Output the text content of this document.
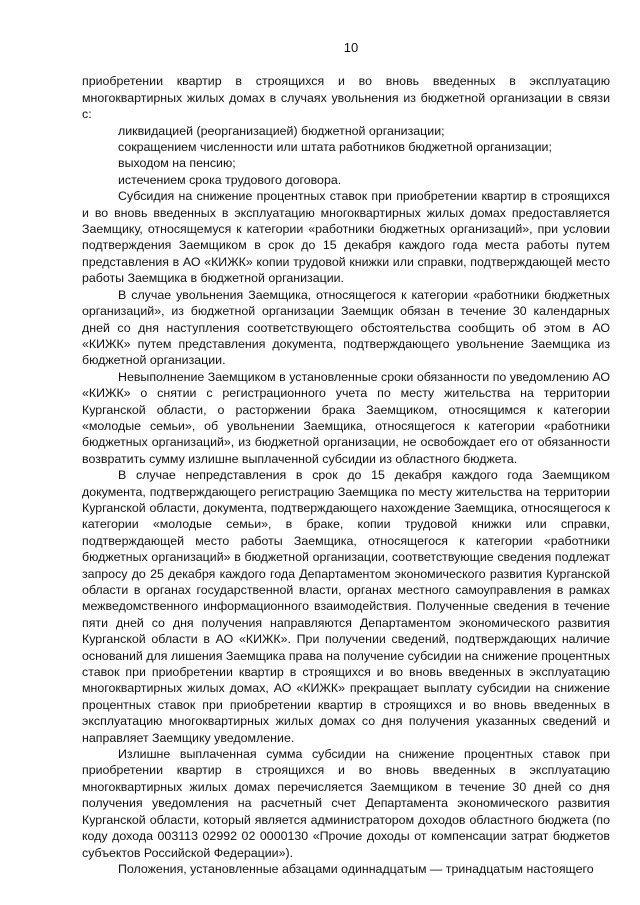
10

приобретении квартир в строящихся и во вновь введенных в эксплуатацию многоквартирных жилых домах в случаях увольнения из бюджетной организации в связи с:

ликвидацией (реорганизацией) бюджетной организации;

сокращением численности или штата работников бюджетной организации;

выходом на пенсию;

истечением срока трудового договора.

Субсидия на снижение процентных ставок при приобретении квартир в строящихся и во вновь введенных в эксплуатацию многоквартирных жилых домах предоставляется Заемщику, относящемуся к категории «работники бюджетных организаций», при условии подтверждения Заемщиком в срок до 15 декабря каждого года места работы путем представления в АО «КИЖК» копии трудовой книжки или справки, подтверждающей место работы Заемщика в бюджетной организации.

В случае увольнения Заемщика, относящегося к категории «работники бюджетных организаций», из бюджетной организации Заемщик обязан в течение 30 календарных дней со дня наступления соответствующего обстоятельства сообщить об этом в АО «КИЖК» путем представления документа, подтверждающего увольнение Заемщика из бюджетной организации.

Невыполнение Заемщиком в установленные сроки обязанности по уведомлению АО «КИЖК» о снятии с регистрационного учета по месту жительства на территории Курганской области, о расторжении брака Заемщиком, относящимся к категории «молодые семьи», об увольнении Заемщика, относящегося к категории «работники бюджетных организаций», из бюджетной организации, не освобождает его от обязанности возвратить сумму излишне выплаченной субсидии из областного бюджета.

В случае непредставления в срок до 15 декабря каждого года Заемщиком документа, подтверждающего регистрацию Заемщика по месту жительства на территории Курганской области, документа, подтверждающего нахождение Заемщика, относящегося к категории «молодые семьи», в браке, копии трудовой книжки или справки, подтверждающей место работы Заемщика, относящегося к категории «работники бюджетных организаций» в бюджетной организации, соответствующие сведения подлежат запросу до 25 декабря каждого года Департаментом экономического развития Курганской области в органах государственной власти, органах местного самоуправления в рамках межведомственного информационного взаимодействия. Полученные сведения в течение пяти дней со дня получения направляются Департаментом экономического развития Курганской области в АО «КИЖК». При получении сведений, подтверждающих наличие оснований для лишения Заемщика права на получение субсидии на снижение процентных ставок при приобретении квартир в строящихся и во вновь введенных в эксплуатацию многоквартирных жилых домах, АО «КИЖК» прекращает выплату субсидии на снижение процентных ставок при приобретении квартир в строящихся и во вновь введенных в эксплуатацию многоквартирных жилых домах со дня получения указанных сведений и направляет Заемщику уведомление.

Излишне выплаченная сумма субсидии на снижение процентных ставок при приобретении квартир в строящихся и во вновь введенных в эксплуатацию многоквартирных жилых домах перечисляется Заемщиком в течение 30 дней со дня получения уведомления на расчетный счет Департамента экономического развития Курганской области, который является администратором доходов областного бюджета (по коду дохода 003113 02992 02 0000130 «Прочие доходы от компенсации затрат бюджетов субъектов Российской Федерации»).

Положения, установленные абзацами одиннадцатым — тринадцатым настоящего
